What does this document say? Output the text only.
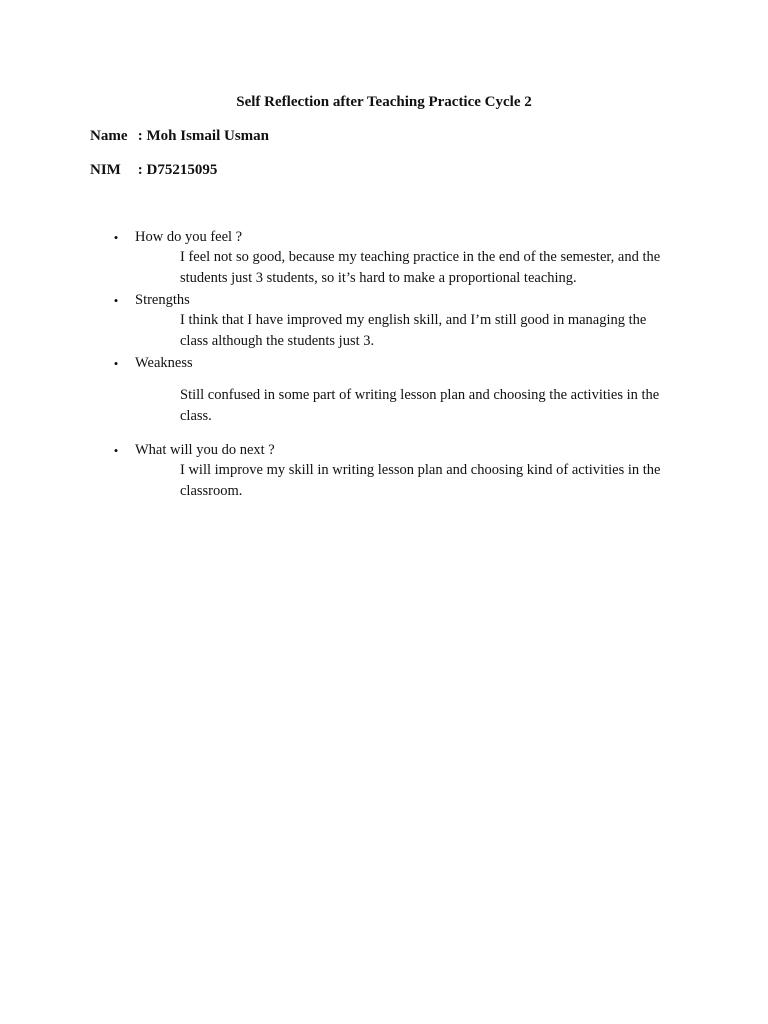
Self Reflection after Teaching Practice Cycle 2
Name : Moh Ismail Usman
NIM : D75215095
• How do you feel ?
I feel not so good, because my teaching practice in the end of the semester, and the students just 3 students, so it’s hard to make a proportional teaching.
• Strengths
I think that I have improved my english skill, and I’m still good in managing the class although the students just 3.
• Weakness
Still confused in some part of writing lesson plan and choosing the activities in the class.
• What will you do next ?
I will improve my skill in writing lesson plan and choosing kind of activities in the classroom.
